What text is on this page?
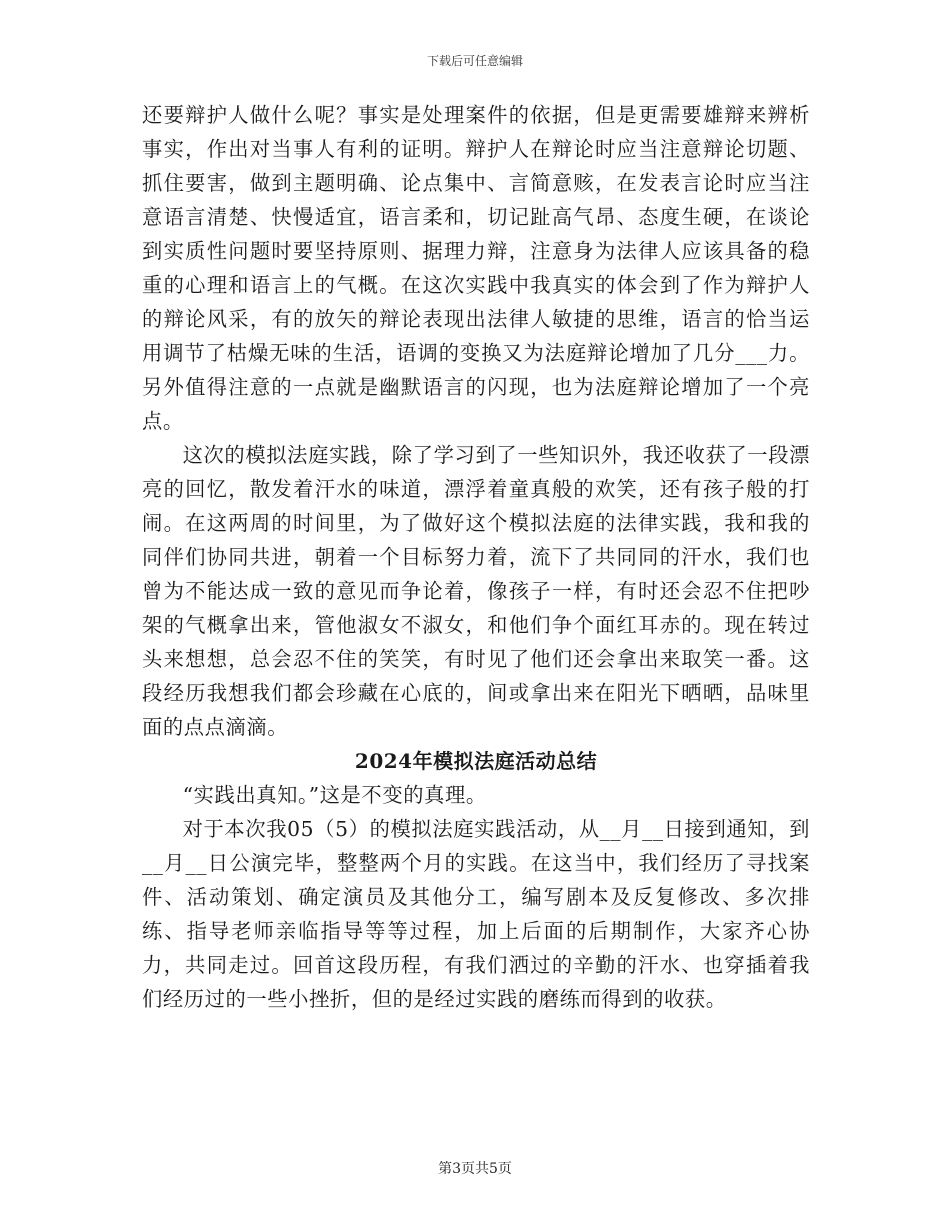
下载后可任意编辑

还要辩护人做什么呢？事实是处理案件的依据，但是更需要雄辩来辨析事实，作出对当事人有利的证明。辩护人在辩论时应当注意辩论切题、抓住要害，做到主题明确、论点集中、言简意赅，在发表言论时应当注意语言清楚、快慢适宜，语言柔和，切记趾高气昂、态度生硬，在谈论到实质性问题时要坚持原则、据理力辩，注意身为法律人应该具备的稳重的心理和语言上的气概。在这次实践中我真实的体会到了作为辩护人的辩论风采，有的放矢的辩论表现出法律人敏捷的思维，语言的恰当运用调节了枯燥无味的生活，语调的变换又为法庭辩论增加了几分___力。另外值得注意的一点就是幽默语言的闪现，也为法庭辩论增加了一个亮点。

这次的模拟法庭实践，除了学习到了一些知识外，我还收获了一段漂亮的回忆，散发着汗水的味道，漂浮着童真般的欢笑，还有孩子般的打闹。在这两周的时间里，为了做好这个模拟法庭的法律实践，我和我的同伴们协同共进，朝着一个目标努力着，流下了共同同的汗水，我们也曾为不能达成一致的意见而争论着，像孩子一样，有时还会忍不住把吵架的气概拿出来，管他淑女不淑女，和他们争个面红耳赤的。现在转过头来想想，总会忍不住的笑笑，有时见了他们还会拿出来取笑一番。这段经历我想我们都会珍藏在心底的，间或拿出来在阳光下晒晒，品味里面的点点滴滴。

2024年模拟法庭活动总结

“实践出真知。”这是不变的真理。

对于本次我05（5）的模拟法庭实践活动，从__月__日接到通知，到__月__日公演完毕，整整两个月的实践。在这当中，我们经历了寻找案件、活动策划、确定演员及其他分工，编写剧本及反复修改、多次排练、指导老师亲临指导等等过程，加上后面的后期制作，大家齐心协力，共同走过。回首这段历程，有我们洒过的辛勤的汗水、也穿插着我们经历过的一些小挫折，但的是经过实践的磨练而得到的收获。

第3页共5页
